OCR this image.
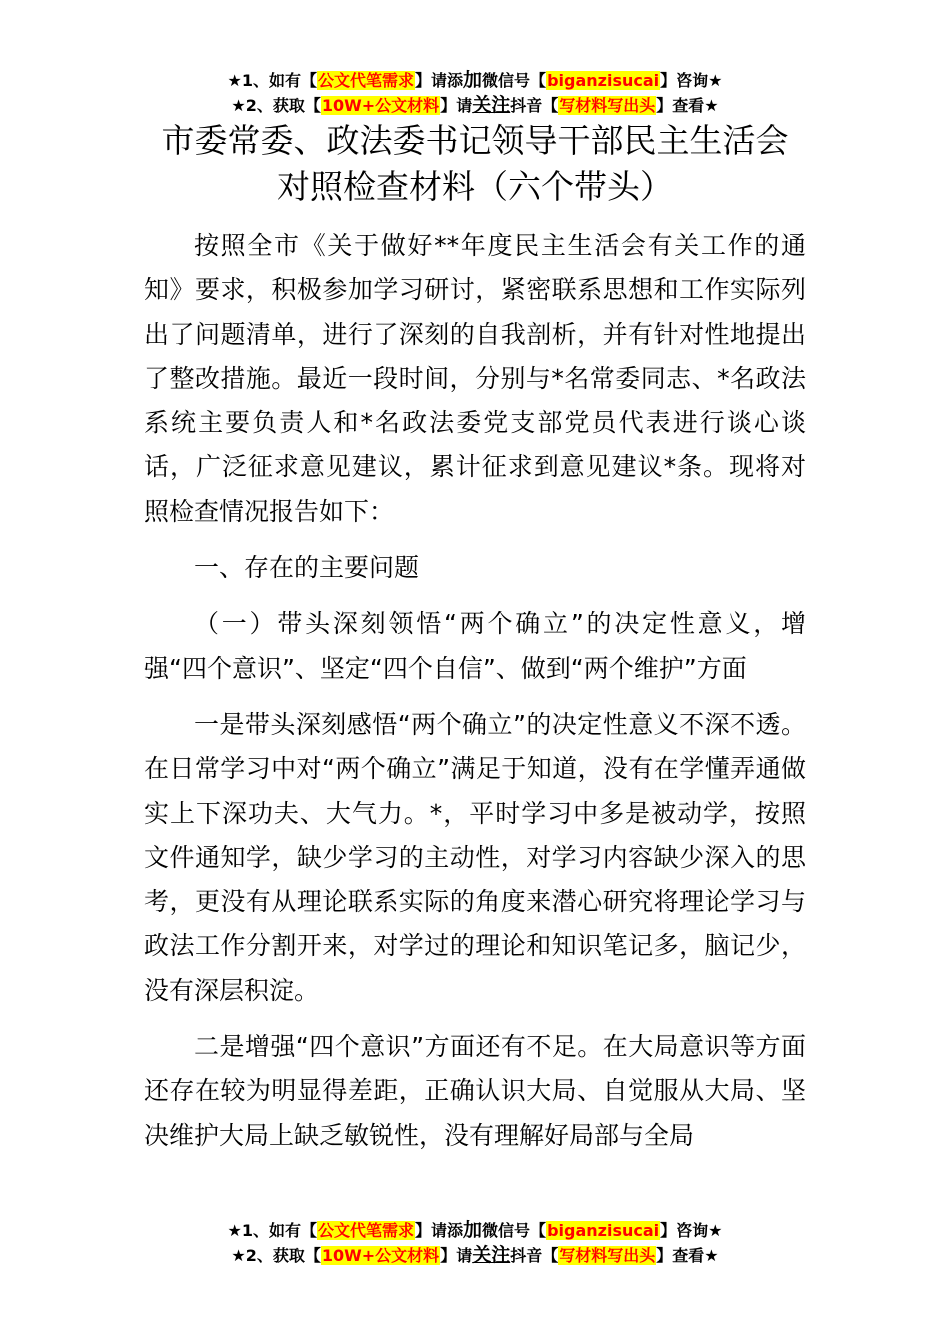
★1、如有【公文代笔需求】请添加微信号【biganzisucai】咨询★
★2、获取【10W+公文材料】请关注抖音【写材料写出头】查看★
市委常委、政法委书记领导干部民主生活会
对照检查材料（六个带头）

按照全市《关于做好**年度民主生活会有关工作的通知》要求，积极参加学习研讨，紧密联系思想和工作实际列出了问题清单，进行了深刻的自我剖析，并有针对性地提出了整改措施。最近一段时间，分别与*名常委同志、*名政法系统主要负责人和*名政法委党支部党员代表进行谈心谈话，广泛征求意见建议，累计征求到意见建议*条。现将对照检查情况报告如下：

一、存在的主要问题

（一）带头深刻领悟“两个确立”的决定性意义，增强“四个意识”、坚定“四个自信”、做到“两个维护”方面

一是带头深刻感悟“两个确立”的决定性意义不深不透。在日常学习中对“两个确立”满足于知道，没有在学懂弄通做实上下深功夫、大气力。*，平时学习中多是被动学，按照文件通知学，缺少学习的主动性，对学习内容缺少深入的思考，更没有从理论联系实际的角度来潜心研究将理论学习与政法工作分割开来，对学过的理论和知识笔记多，脑记少，没有深层积淀。

二是增强“四个意识”方面还有不足。在大局意识等方面还存在较为明显得差距，正确认识大局、自觉服从大局、坚决维护大局上缺乏敏锐性，没有理解好局部与全局

★1、如有【公文代笔需求】请添加微信号【biganzisucai】咨询★
★2、获取【10W+公文材料】请关注抖音【写材料写出头】查看★
